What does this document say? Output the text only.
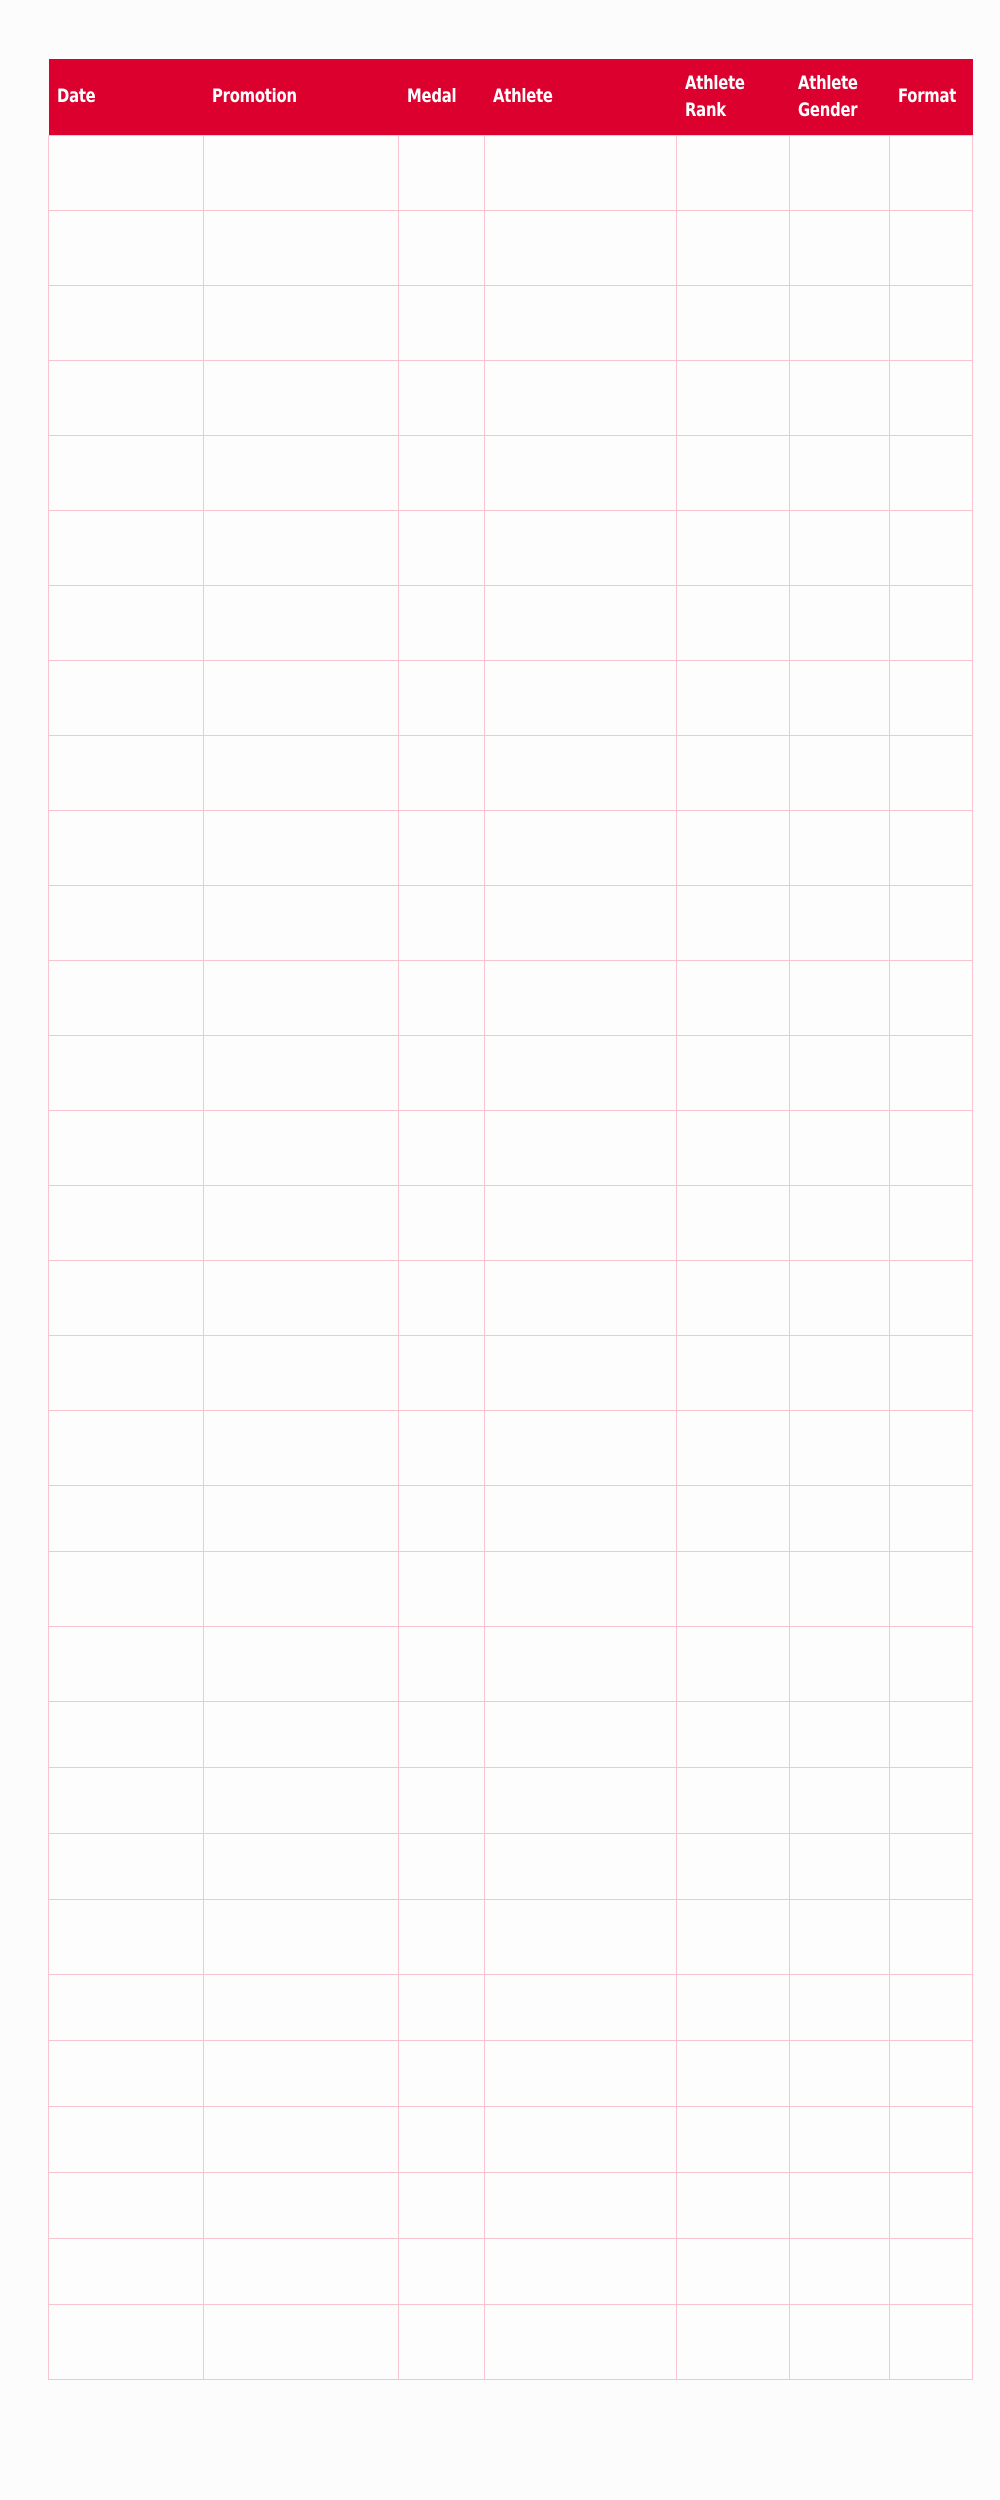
Date	Promotion	Medal	Athlete	Athlete Rank	Athlete Gender	Format
